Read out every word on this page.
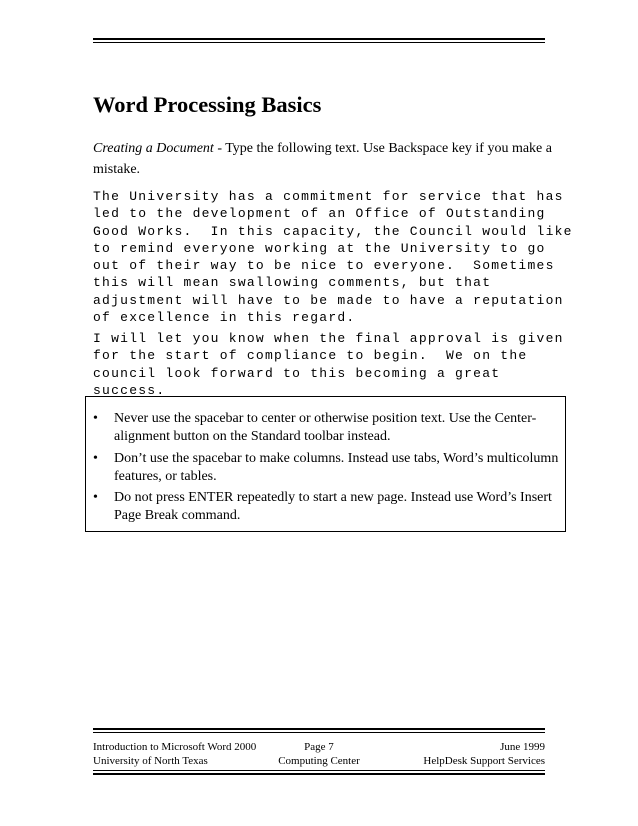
Word Processing Basics
Creating a Document - Type the following text. Use Backspace key if you make a mistake.
The University has a commitment for service that has
led to the development of an Office of Outstanding
Good Works.  In this capacity, the Council would like
to remind everyone working at the University to go
out of their way to be nice to everyone.  Sometimes
this will mean swallowing comments, but that
adjustment will have to be made to have a reputation
of excellence in this regard.
I will let you know when the final approval is given
for the start of compliance to begin.  We on the
council look forward to this becoming a great
success.
• Never use the spacebar to center or otherwise position text. Use the Center-alignment button on the Standard toolbar instead.
• Don’t use the spacebar to make columns. Instead use tabs, Word’s multicolumn features, or tables.
• Do not press ENTER repeatedly to start a new page. Instead use Word’s Insert Page Break command.
Introduction to Microsoft Word 2000	Page 7	June 1999
University of North Texas	Computing Center	HelpDesk Support Services
